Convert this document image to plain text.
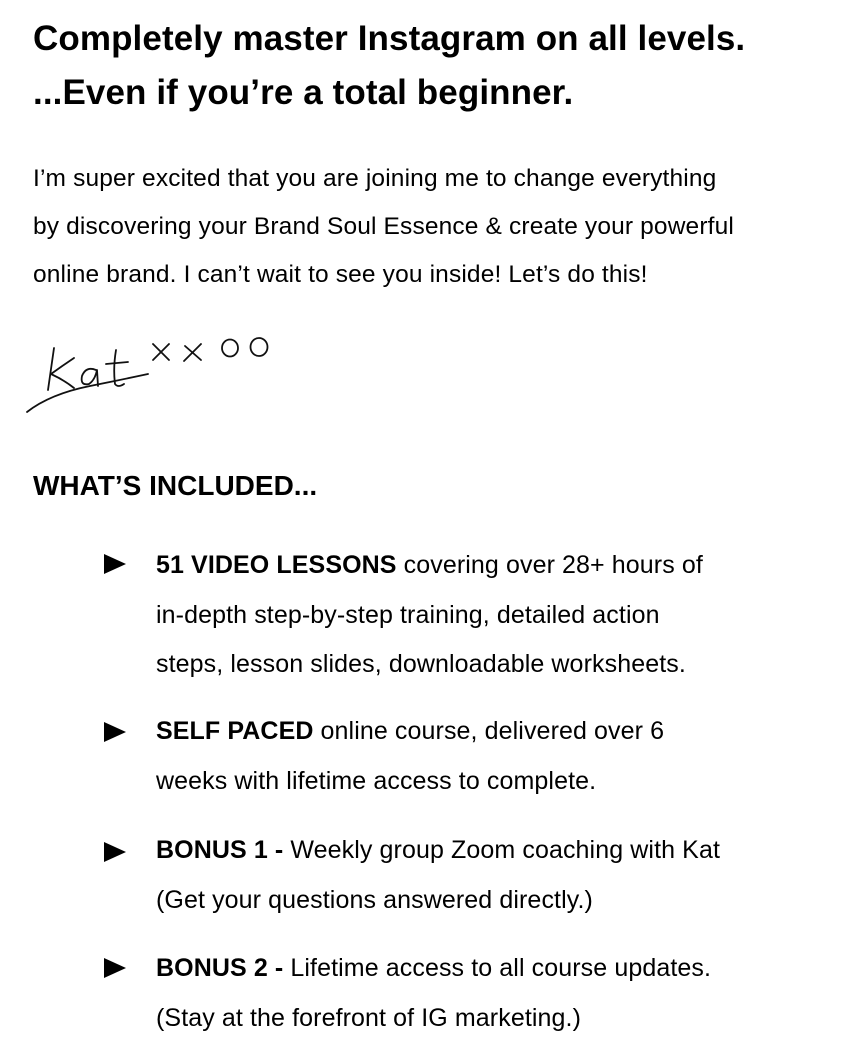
Completely master Instagram on all levels.
...Even if you’re a total beginner.

I’m super excited that you are joining me to change everything
by discovering your Brand Soul Essence & create your powerful
online brand. I can’t wait to see you inside! Let’s do this!

WHAT’S INCLUDED...
51 VIDEO LESSONS covering over 28+ hours of
in-depth step-by-step training, detailed action
steps, lesson slides, downloadable worksheets.
SELF PACED online course, delivered over 6
weeks with lifetime access to complete.
BONUS 1 - Weekly group Zoom coaching with Kat
(Get your questions answered directly.)
BONUS 2 - Lifetime access to all course updates.
(Stay at the forefront of IG marketing.)
